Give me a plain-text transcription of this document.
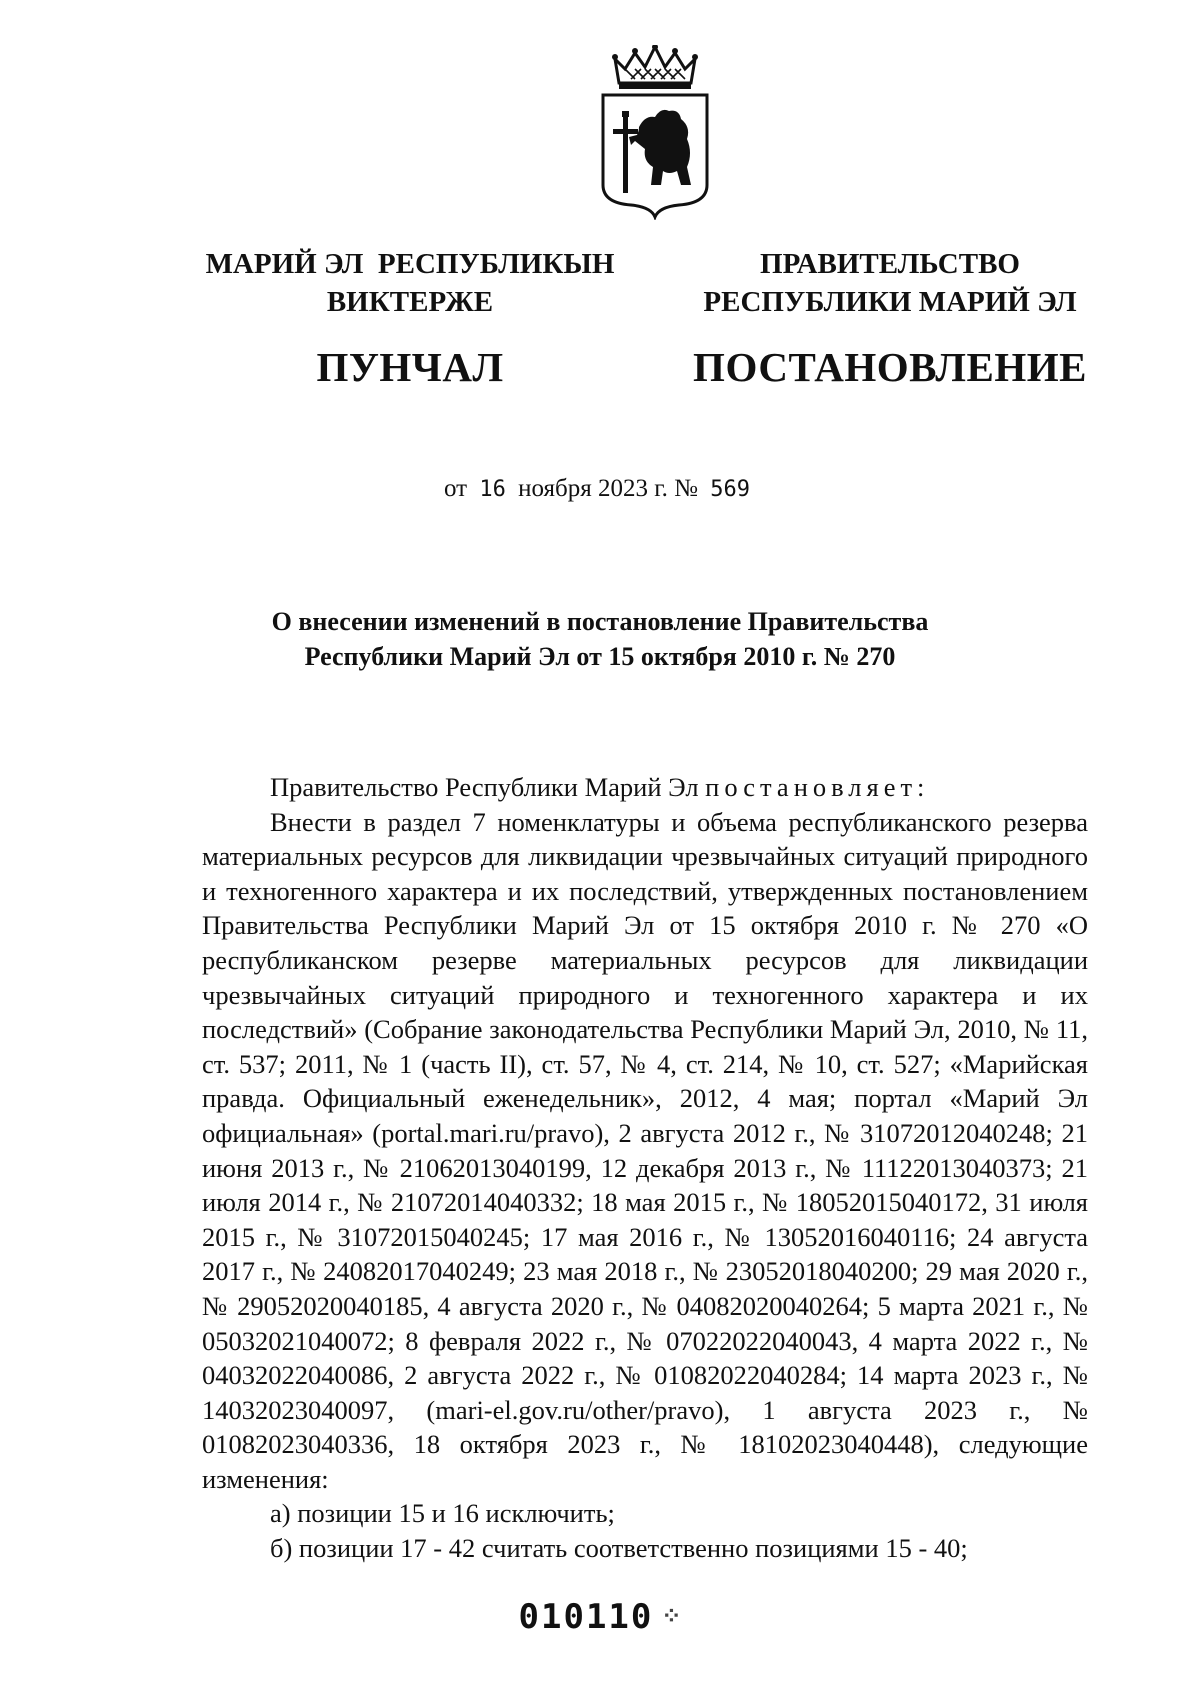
МАРИЙ ЭЛ  РЕСПУБЛИКЫН
ВИКТЕРЖЕ
ПУНЧАЛ
ПРАВИТЕЛЬСТВО
РЕСПУБЛИКИ МАРИЙ ЭЛ
ПОСТАНОВЛЕНИЕ
от 16 ноября 2023 г. № 569
О внесении изменений в постановление Правительства
Республики Марий Эл от 15 октября 2010 г. № 270

Правительство Республики Марий Эл постановляет:

Внести в раздел 7 номенклатуры и объема республиканского резерва материальных ресурсов для ликвидации чрезвычайных ситуаций природного и техногенного характера и их последствий, утвержденных постановлением Правительства Республики Марий Эл от 15 октября 2010 г. № 270 «О республиканском резерве материальных ресурсов для ликвидации чрезвычайных ситуаций природного и техногенного характера и их последствий» (Собрание законодательства Республики Марий Эл, 2010, № 11, ст. 537; 2011, № 1 (часть II), ст. 57, № 4, ст. 214, № 10, ст. 527; «Марийская правда. Официальный еженедельник», 2012, 4 мая; портал «Марий Эл официальная» (portal.mari.ru/pravo), 2 августа 2012 г., № 31072012040248; 21 июня 2013 г., № 21062013040199, 12 декабря 2013 г., № 11122013040373; 21 июля 2014 г., № 21072014040332; 18 мая 2015 г., № 18052015040172, 31 июля 2015 г., № 31072015040245; 17 мая 2016 г., № 13052016040116; 24 августа 2017 г., № 24082017040249; 23 мая 2018 г., № 23052018040200; 29 мая 2020 г., № 29052020040185, 4 августа 2020 г., № 04082020040264; 5 марта 2021 г., № 05032021040072; 8 февраля 2022 г., № 07022022040043, 4 марта 2022 г., № 04032022040086, 2 августа 2022 г., № 01082022040284; 14 марта 2023 г., № 14032023040097, (mari-el.gov.ru/other/pravo), 1 августа 2023 г., № 01082023040336, 18 октября 2023 г., № 18102023040448), следующие изменения:

а) позиции 15 и 16 исключить;

б) позиции 17 - 42 считать соответственно позициями 15 - 40;

010110 ⁘
